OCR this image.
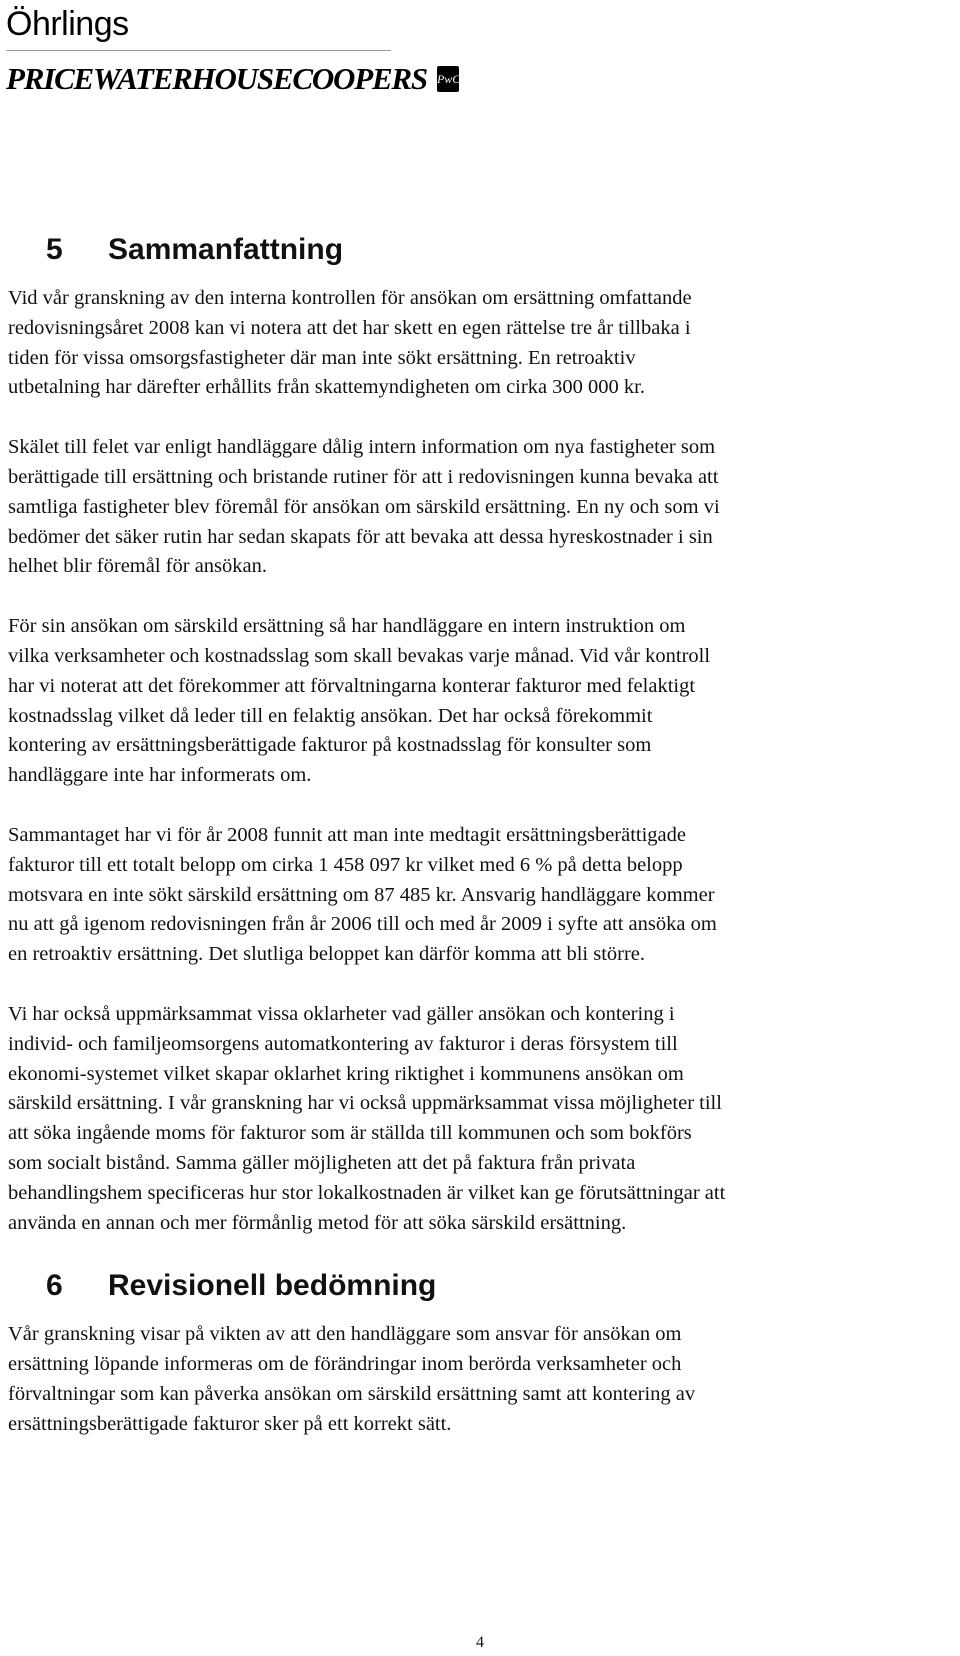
Öhrlings
PRICEWATERHOUSECOOPERS PwC
5	Sammanfattning

Vid vår granskning av den interna kontrollen för ansökan om ersättning omfattande redovisningsåret 2008 kan vi notera att det har skett en egen rättelse tre år tillbaka i tiden för vissa omsorgsfastigheter där man inte sökt ersättning. En retroaktiv utbetalning har därefter erhållits från skattemyndigheten om cirka 300 000 kr.

Skälet till felet var enligt handläggare dålig intern information om nya fastigheter som berättigade till ersättning och bristande rutiner för att i redovisningen kunna bevaka att samtliga fastigheter blev föremål för ansökan om särskild ersättning. En ny och som vi bedömer det säker rutin har sedan skapats för att bevaka att dessa hyreskostnader i sin helhet blir föremål för ansökan.

För sin ansökan om särskild ersättning så har handläggare en intern instruktion om vilka verksamheter och kostnadsslag som skall bevakas varje månad. Vid vår kontroll har vi noterat att det förekommer att förvaltningarna konterar fakturor med felaktigt kostnadsslag vilket då leder till en felaktig ansökan. Det har också förekommit kontering av ersättningsberättigade fakturor på kostnadsslag för konsulter som handläggare inte har informerats om.

Sammantaget har vi för år 2008 funnit att man inte medtagit ersättningsberättigade fakturor till ett totalt belopp om cirka 1 458 097 kr vilket med 6 % på detta belopp motsvara en inte sökt särskild ersättning om 87 485 kr. Ansvarig handläggare kommer nu att gå igenom redovisningen från år 2006 till och med år 2009 i syfte att ansöka om en retroaktiv ersättning. Det slutliga beloppet kan därför komma att bli större.

Vi har också uppmärksammat vissa oklarheter vad gäller ansökan och kontering i individ- och familjeomsorgens automatkontering av fakturor i deras försystem till ekonomi-systemet vilket skapar oklarhet kring riktighet i kommunens ansökan om särskild ersättning. I vår granskning har vi också uppmärksammat vissa möjligheter till att söka ingående moms för fakturor som är ställda till kommunen och som bokförs som socialt bistånd. Samma gäller möjligheten att det på faktura från privata behandlingshem specificeras hur stor lokalkostnaden är vilket kan ge förutsättningar att använda en annan och mer förmånlig metod för att söka särskild ersättning.

6	Revisionell bedömning

Vår granskning visar på vikten av att den handläggare som ansvar för ansökan om ersättning löpande informeras om de förändringar inom berörda verksamheter och förvaltningar som kan påverka ansökan om särskild ersättning samt att kontering av ersättningsberättigade fakturor sker på ett korrekt sätt.

4
